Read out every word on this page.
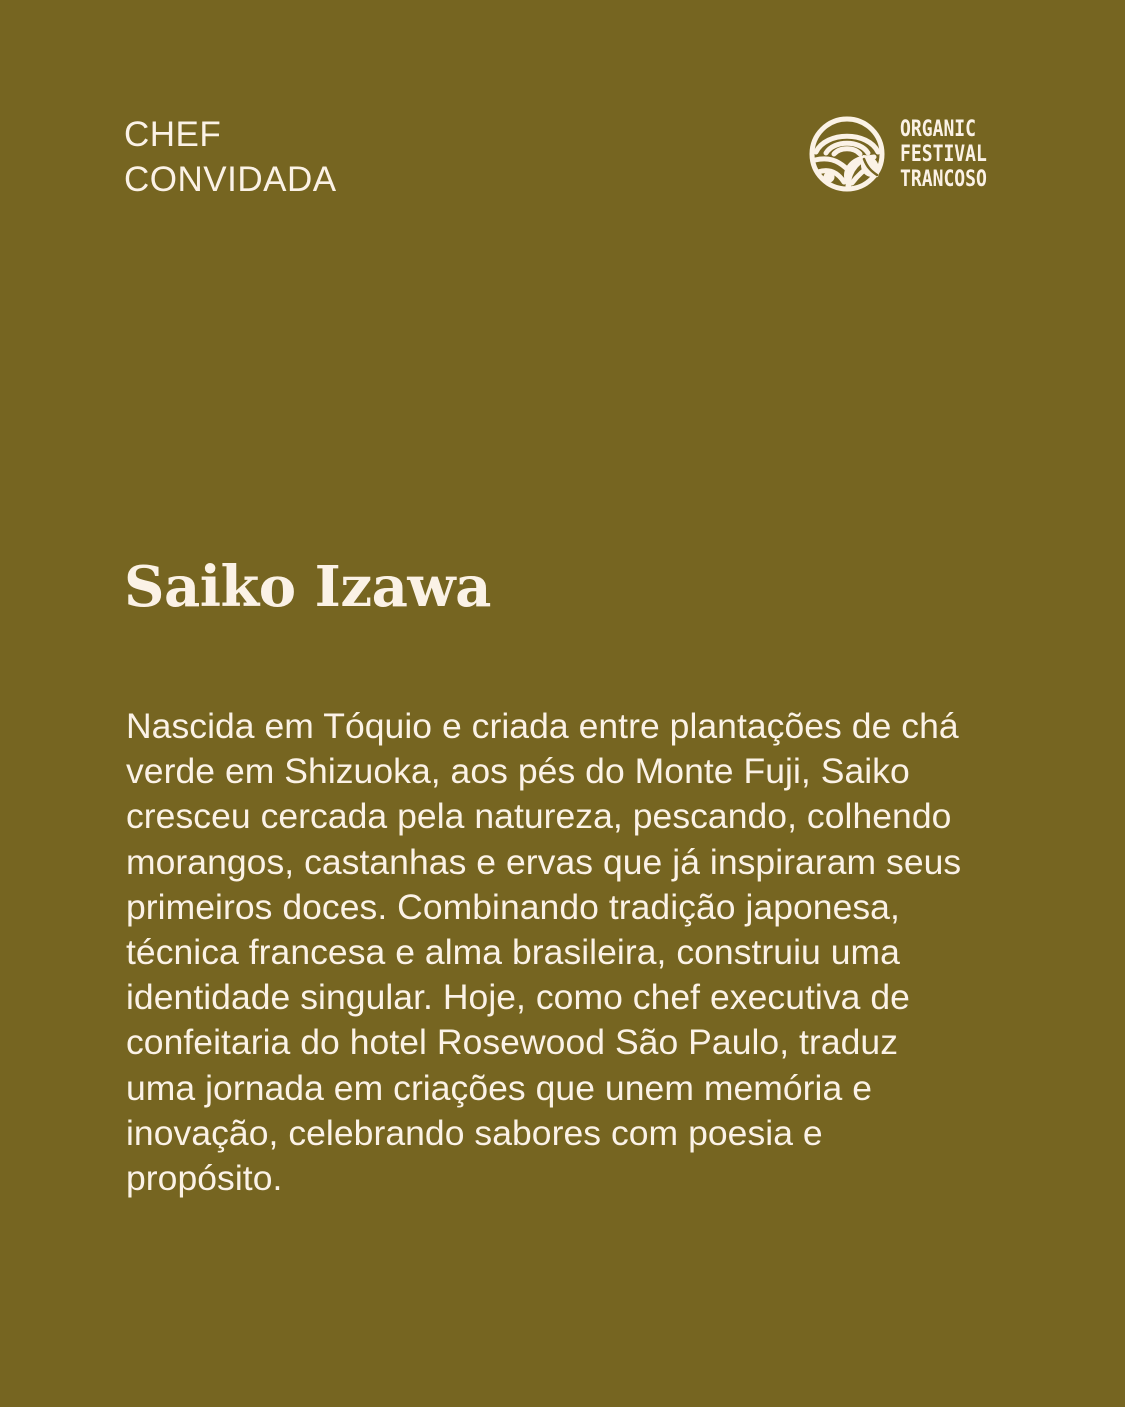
CHEF
CONVIDADA
ORGANIC
FESTIVAL
TRANCOSO
Saiko Izawa

Nascida em Tóquio e criada entre plantações de chá verde em Shizuoka, aos pés do Monte Fuji, Saiko cresceu cercada pela natureza, pescando, colhendo morangos, castanhas e ervas que já inspiraram seus primeiros doces. Combinando tradição japonesa, técnica francesa e alma brasileira, construiu uma identidade singular. Hoje, como chef executiva de confeitaria do hotel Rosewood São Paulo, traduz uma jornada em criações que unem memória e inovação, celebrando sabores com poesia e propósito.
